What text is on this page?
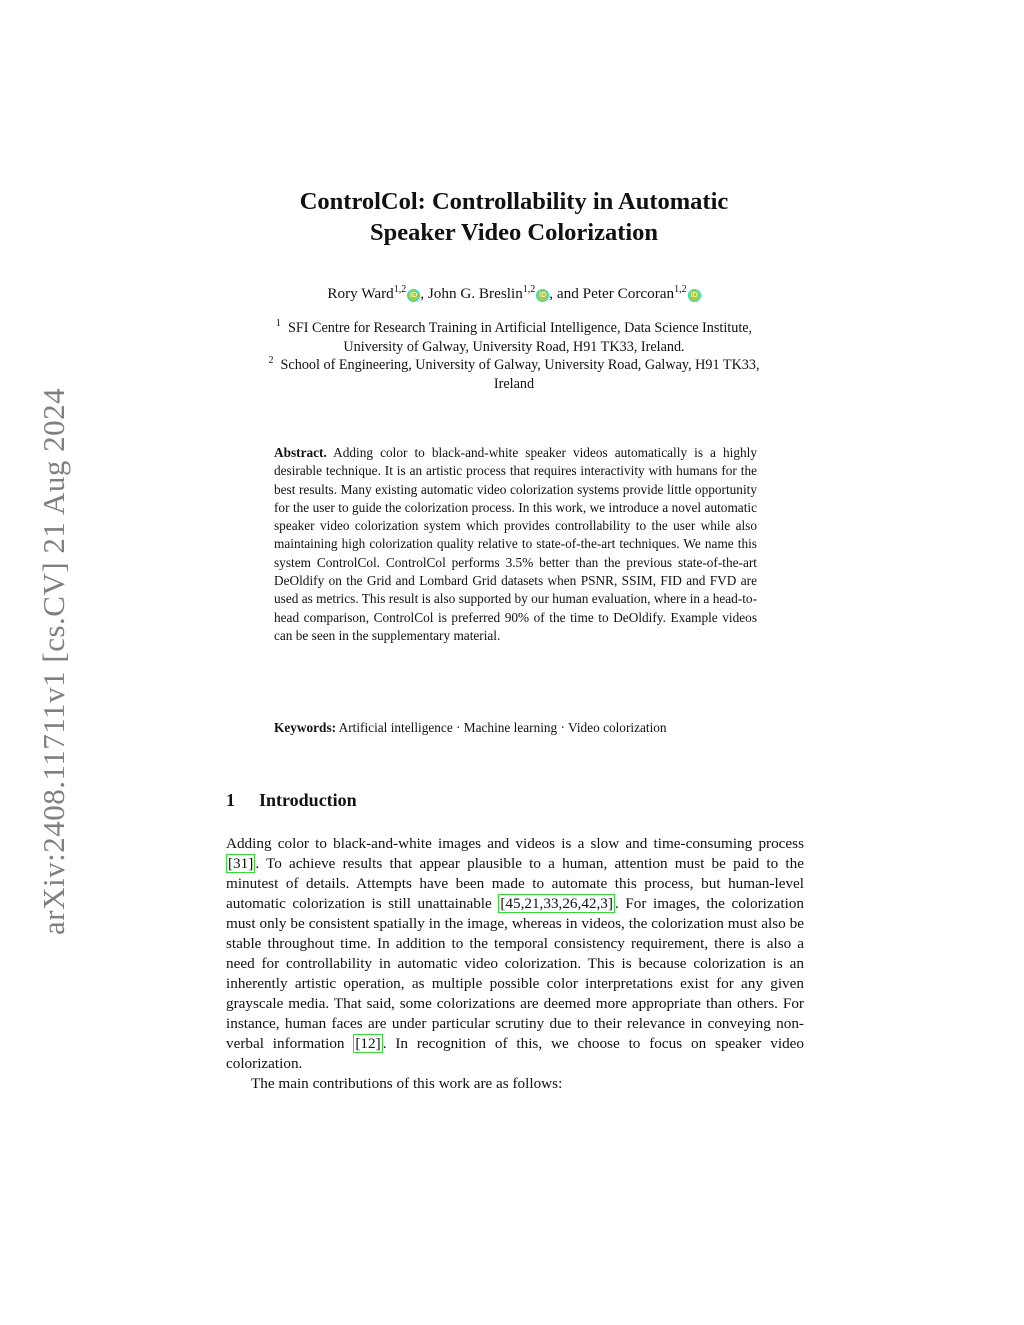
arXiv:2408.11711v1 [cs.CV] 21 Aug 2024
ControlCol: Controllability in Automatic
Speaker Video Colorization
Rory Ward$^{1,2}$ iD , John G. Breslin$^{1,2}$ iD , and Peter Corcoran$^{1,2}$ iD
$^1$ SFI Centre for Research Training in Artificial Intelligence, Data Science Institute,
University of Galway, University Road, H91 TK33, Ireland.
$^2$ School of Engineering, University of Galway, University Road, Galway, H91 TK33,
Ireland
Abstract. Adding color to black-and-white speaker videos automatically is a highly desirable technique. It is an artistic process that requires interactivity with humans for the best results. Many existing automatic video colorization systems provide little opportunity for the user to guide the colorization process. In this work, we introduce a novel automatic speaker video colorization system which provides controllability to the user while also maintaining high colorization quality relative to state-of-the-art techniques. We name this system ControlCol. ControlCol performs 3.5% better than the previous state-of-the-art DeOldify on the Grid and Lombard Grid datasets when PSNR, SSIM, FID and FVD are used as metrics. This result is also supported by our human evaluation, where in a head-to-head comparison, ControlCol is preferred 90% of the time to DeOldify. Example videos can be seen in the supplementary material.
Keywords: Artificial intelligence · Machine learning · Video colorization
1 Introduction

Adding color to black-and-white images and videos is a slow and time-consuming process [31] . To achieve results that appear plausible to a human, attention must be paid to the minutest of details. Attempts have been made to automate this process, but human-level automatic colorization is still unattainable [45,21,33,26,42,3] . For images, the colorization must only be consistent spatially in the image, whereas in videos, the colorization must also be stable throughout time. In addition to the temporal consistency requirement, there is also a need for controllability in automatic video colorization. This is because colorization is an inherently artistic operation, as multiple possible color interpretations exist for any given grayscale media. That said, some colorizations are deemed more appropriate than others. For instance, human faces are under particular scrutiny due to their relevance in conveying non-verbal information [12] . In recognition of this, we choose to focus on speaker video colorization.

The main contributions of this work are as follows:
